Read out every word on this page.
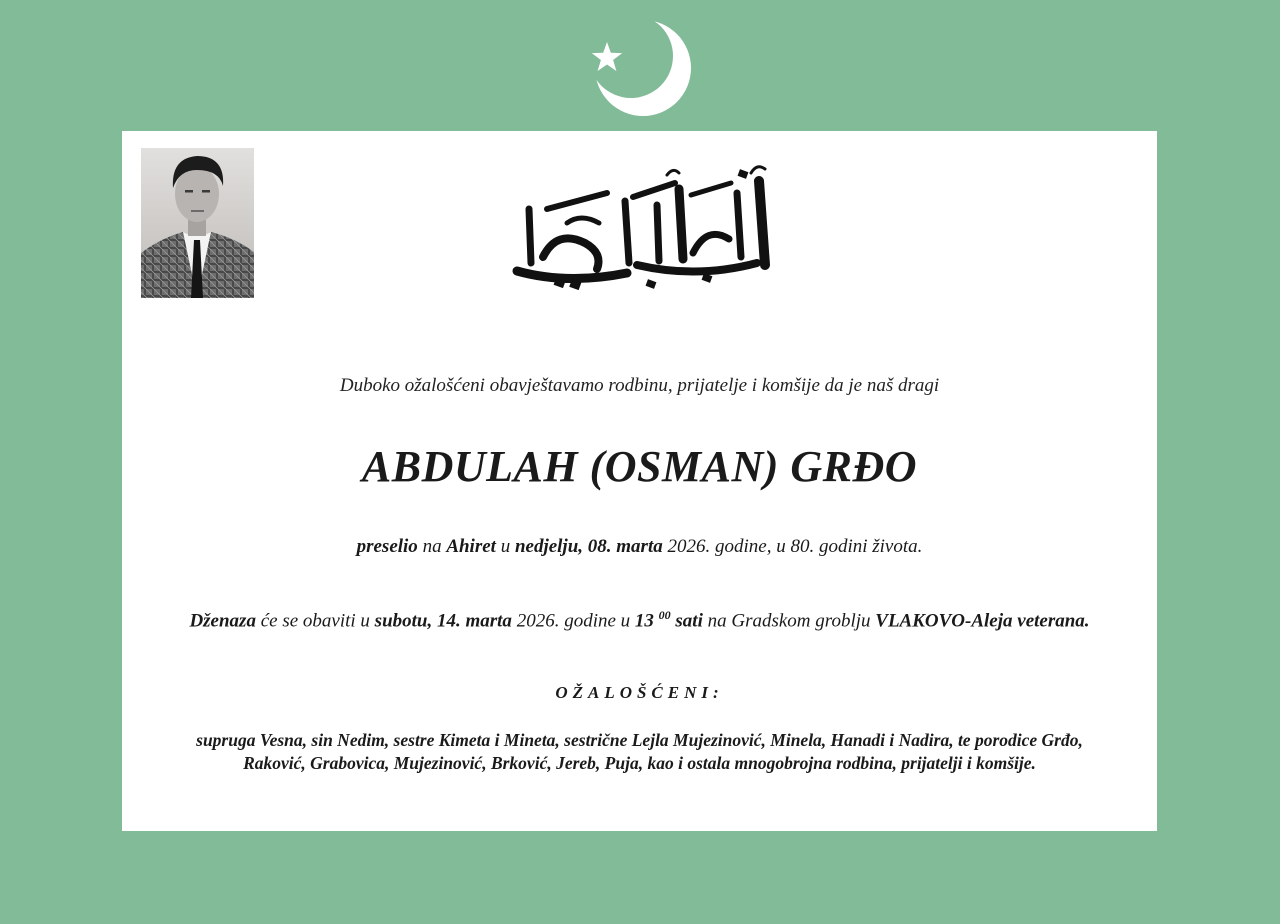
Duboko ožalošćeni obavještavamo rodbinu, prijatelje i komšije da je naš dragi
ABDULAH (OSMAN) GRĐO
preselio na Ahiret u nedjelju, 08. marta 2026. godine, u 80. godini života.
Dženaza će se obaviti u subotu, 14. marta 2026. godine u 13 $^{00}$ sati na Gradskom groblju VLAKOVO-Aleja veterana.
OŽALOŠĆENI:
supruga Vesna, sin Nedim, sestre Kimeta i Mineta, sestrične Lejla Mujezinović, Minela, Hanadi i Nadira, te porodice Grđo,
Raković, Grabovica, Mujezinović, Brković, Jereb, Puja, kao i ostala mnogobrojna rodbina, prijatelji i komšije.
